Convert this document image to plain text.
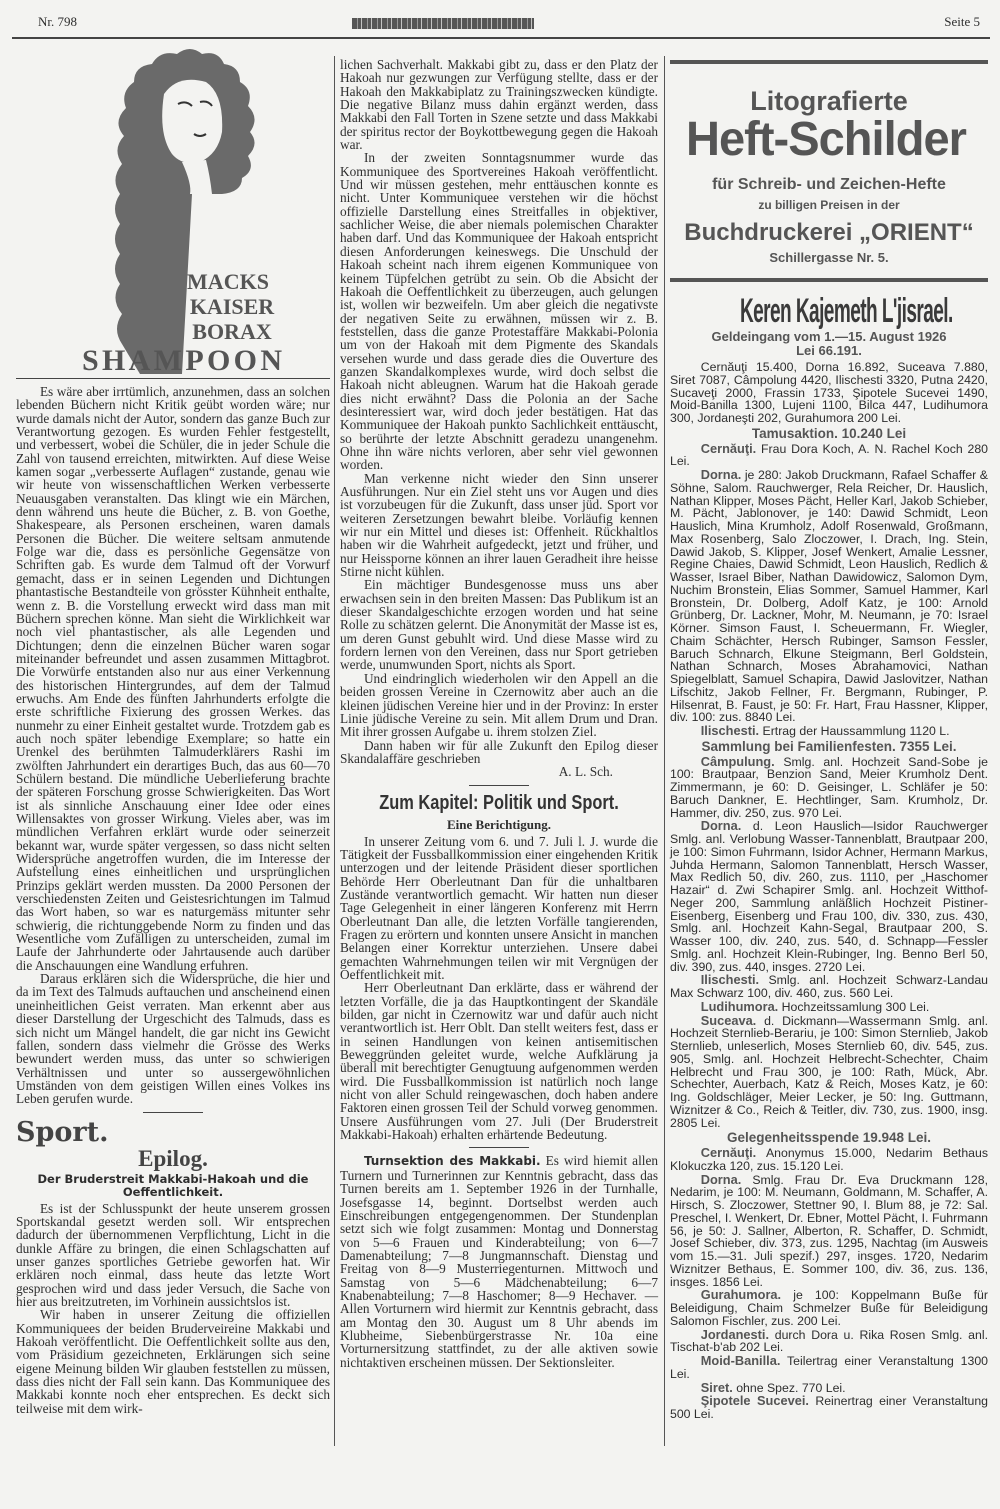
Nr. 798	Seite 5
MACKS
KAISER
BORAX
SHAMPOON

Es wäre aber irrtümlich, anzunehmen, dass an solchen lebenden Büchern nicht Kritik geübt worden wäre; nur wurde damals nicht der Autor, sondern das ganze Buch zur Verantwortung gezogen. Es wurden Fehler festgestellt, und verbessert, wobei die Schüler, die in jeder Schule die Zahl von tausend erreichten, mitwirkten. Auf diese Weise kamen sogar „verbesserte Auflagen“ zustande, genau wie wir heute von wissenschaftlichen Werken verbesserte Neuausgaben veranstalten. Das klingt wie ein Märchen, denn während uns heute die Bücher, z. B. von Goethe, Shakespeare, als Personen erscheinen, waren damals Personen die Bücher. Die weitere seltsam anmutende Folge war die, dass es persönliche Gegensätze von Schriften gab. Es wurde dem Talmud oft der Vorwurf gemacht, dass er in seinen Legenden und Dichtungen phantastische Bestandteile von grösster Kühnheit enthalte, wenn z. B. die Vorstellung erweckt wird dass man mit Büchern sprechen könne. Man sieht die Wirklichkeit war noch viel phantastischer, als alle Legenden und Dichtungen; denn die einzelnen Bücher waren sogar miteinander befreundet und assen zusammen Mittagbrot. Die Vorwürfe entstanden also nur aus einer Verkennung des historischen Hintergrundes, auf dem der Talmud erwuchs. Am Ende des fünften Jahrhunderts erfolgte die erste schriftliche Fixierung des grossen Werkes. das nunmehr zu einer Einheit gestaltet wurde. Trotzdem gab es auch noch später lebendige Exemplare; so hatte ein Urenkel des berühmten Talmuderklärers Rashi im zwölften Jahrhundert ein derartiges Buch, das aus 60—70 Schülern bestand. Die mündliche Ueberlieferung brachte der späteren Forschung grosse Schwierigkeiten. Das Wort ist als sinnliche Anschauung einer Idee oder eines Willensaktes von grosser Wirkung. Vieles aber, was im mündlichen Verfahren erklärt wurde oder seinerzeit bekannt war, wurde später vergessen, so dass nicht selten Widersprüche angetroffen wurden, die im Interesse der Aufstellung eines einheitlichen und ursprünglichen Prinzips geklärt werden mussten. Da 2000 Personen der verschiedensten Zeiten und Geistesrichtungen im Talmud das Wort haben, so war es naturgemäss mitunter sehr schwierig, die richtunggebende Norm zu finden und das Wesentliche vom Zufälligen zu unterscheiden, zumal im Laufe der Jahrhunderte oder Jahrtausende auch darüber die Anschauungen eine Wandlung erfuhren.

Daraus erklären sich die Widersprüche, die hier und da im Text des Talmuds auftauchen und anscheinend einen uneinheitlichen Geist verraten. Man erkennt aber aus dieser Darstellung der Urgeschicht des Talmuds, dass es sich nicht um Mängel handelt, die gar nicht ins Gewicht fallen, sondern dass vielmehr die Grösse des Werks bewundert werden muss, das unter so schwierigen Verhältnissen und unter so aussergewöhnlichen Umständen von dem geistigen Willen eines Volkes ins Leben gerufen wurde.

Sport.
Epilog.
Der Bruderstreit Makkabi-Hakoah und die Oeffentlichkeit.

Es ist der Schlusspunkt der heute unserem grossen Sportskandal gesetzt werden soll. Wir entsprechen dadurch der übernommenen Verpflichtung, Licht in die dunkle Affäre zu bringen, die einen Schlagschatten auf unser ganzes sportliches Getriebe geworfen hat. Wir erklären noch einmal, dass heute das letzte Wort gesprochen wird und dass jeder Versuch, die Sache von hier aus breitzutreten, im Vorhinein aussichtslos ist.

Wir haben in unserer Zeitung die offiziellen Kommuniquees der beiden Bruderveireine Makkabi und Hakoah veröffentlicht. Die Oeffentlichkeit sollte aus den, vom Präsidium gezeichneten, Erklärungen sich seine eigene Meinung bilden Wir glauben feststellen zu müssen, dass dies nicht der Fall sein kann. Das Kommuniquee des Makkabi konnte noch eher entsprechen. Es deckt sich teilweise mit dem wirk-

lichen Sachverhalt. Makkabi gibt zu, dass er den Platz der Hakoah nur gezwungen zur Verfügung stellte, dass er der Hakoah den Makkabiplatz zu Trainingszwecken kündigte. Die negative Bilanz muss dahin ergänzt werden, dass Makkabi den Fall Torten in Szene setzte und dass Makkabi der spiritus rector der Boykottbewegung gegen die Hakoah war.

In der zweiten Sonntagsnummer wurde das Kommuniquee des Sportvereines Hakoah veröffentlicht. Und wir müssen gestehen, mehr enttäuschen konnte es nicht. Unter Kommuniquee verstehen wir die höchst offizielle Darstellung eines Streitfalles in objektiver, sachlicher Weise, die aber niemals polemischen Charakter haben darf. Und das Kommuniquee der Hakoah entspricht diesen Anforderungen keineswegs. Die Unschuld der Hakoah scheint nach ihrem eigenen Kommuniquee von keinem Tüpfelchen getrübt zu sein. Ob die Absicht der Hakoah die Oeffentlichkeit zu überzeugen, auch gelungen ist, wollen wir bezweifeln. Um aber gleich die negativste der negativen Seite zu erwähnen, müssen wir z. B. feststellen, dass die ganze Protestaffäre Makkabi-Polonia um von der Hakoah mit dem Pigmente des Skandals versehen wurde und dass gerade dies die Ouverture des ganzen Skandalkomplexes wurde, wird doch selbst die Hakoah nicht ableugnen. Warum hat die Hakoah gerade dies nicht erwähnt? Dass die Polonia an der Sache desinteressiert war, wird doch jeder bestätigen. Hat das Kommuniquee der Hakoah punkto Sachlichkeit enttäuscht, so berührte der letzte Abschnitt geradezu unangenehm. Ohne ihn wäre nichts verloren, aber sehr viel gewonnen worden.

Man verkenne nicht wieder den Sinn unserer Ausführungen. Nur ein Ziel steht uns vor Augen und dies ist vorzubeugen für die Zukunft, dass unser jüd. Sport vor weiteren Zersetzungen bewahrt bleibe. Vorläufig kennen wir nur ein Mittel und dieses ist: Offenheit. Rückhaltlos haben wir die Wahrheit aufgedeckt, jetzt und früher, und nur Heissporne können an ihrer lauen Geradheit ihre heisse Stirne nicht kühlen.

Ein mächtiger Bundesgenosse muss uns aber erwachsen sein in den breiten Massen: Das Publikum ist an dieser Skandalgeschichte erzogen worden und hat seine Rolle zu schätzen gelernt. Die Anonymität der Masse ist es, um deren Gunst gebuhlt wird. Und diese Masse wird zu fordern lernen von den Vereinen, dass nur Sport getrieben werde, unumwunden Sport, nichts als Sport.

Und eindringlich wiederholen wir den Appell an die beiden grossen Vereine in Czernowitz aber auch an die kleinen jüdischen Vereine hier und in der Provinz: In erster Linie jüdische Vereine zu sein. Mit allem Drum und Dran. Mit ihrer grossen Aufgabe u. ihrem stolzen Ziel.

Dann haben wir für alle Zukunft den Epilog dieser Skandalaffäre geschrieben

A. L. Sch.
Zum Kapitel: Politik und Sport.
Eine Berichtigung.

In unserer Zeitung vom 6. und 7. Juli l. J. wurde die Tätigkeit der Fussballkommission einer eingehenden Kritik unterzogen und der leitende Präsident dieser sportlichen Behörde Herr Oberleutnant Dan für die unhaltbaren Zustände verantwortlich gemacht. Wir hatten nun dieser Tage Gelegenheit in einer längeren Konferenz mit Herrn Oberleutnant Dan alle, die letzten Vorfälle tangierenden, Fragen zu erörtern und konnten unsere Ansicht in manchen Belangen einer Korrektur unterziehen. Unsere dabei gemachten Wahrnehmungen teilen wir mit Vergnügen der Oeffentlichkeit mit.

Herr Oberleutnant Dan erklärte, dass er während der letzten Vorfälle, die ja das Hauptkontingent der Skandäle bilden, gar nicht in Czernowitz war und dafür auch nicht verantwortlich ist. Herr Oblt. Dan stellt weiters fest, dass er in seinen Handlungen von keinen antisemitischen Beweggründen geleitet wurde, welche Aufklärung ja überall mit berechtigter Genugtuung aufgenommen werden wird. Die Fussballkommission ist natürlich noch lange nicht von aller Schuld reingewaschen, doch haben andere Faktoren einen grossen Teil der Schuld vorweg genommen. Unsere Ausführungen vom 27. Juli (Der Bruderstreit Makkabi-Hakoah) erhalten erhärtende Bedeutung.

Turnsektion des Makkabi. Es wird hiemit allen Turnern und Turnerinnen zur Kenntnis gebracht, dass das Turnen bereits am 1. September 1926 in der Turnhalle, Josefsgasse 14, beginnt. Dortselbst werden auch Einschreibungen entgegengenommen. Der Stundenplan setzt sich wie folgt zusammen: Montag und Donnerstag von 5—6 Frauen und Kinderabteilung; von 6—7 Damenabteilung; 7—8 Jungmannschaft. Dienstag und Freitag von 8—9 Musterriegenturnen. Mittwoch und Samstag von 5—6 Mädchenabteilung; 6—7 Knabenabteilung; 7—8 Haschomer; 8—9 Hechaver. — Allen Vorturnern wird hiermit zur Kenntnis gebracht, dass am Montag den 30. August um 8 Uhr abends im Klubheime, Siebenbürgerstrasse Nr. 10a eine Vorturnersitzung stattfindet, zu der alle aktiven sowie nichtaktiven erscheinen müssen. Der Sektionsleiter.

Litografierte
Heft-Schilder
für Schreib- und Zeichen-Hefte
zu billigen Preisen in der
Buchdruckerei „ORIENT“
Schillergasse Nr. 5.
Keren Kajemeth L'jisrael.
Geldeingang vom 1.—15. August 1926
Lei 66.191.
Cernăuţi 15.400, Dorna 16.892, Suceava 7.880, Siret 7087, Câmpolung 4420, Ilischesti 3320, Putna 2420, Sucaveţi 2000, Frassin 1733, Şipotele Sucevei 1490, Moid-Banilla 1300, Lujeni 1100, Bilca 447, Ludihumora 300, Jordaneşti 202, Gurahumora 200 Lei.
Tamusaktion. 10.240 Lei
Cernăuţi. Frau Dora Koch, A. N. Rachel Koch 280 Lei.
Dorna. je 280: Jakob Druckmann, Rafael Schaffer & Söhne, Salom. Rauchwerger, Rela Reicher, Dr. Hauslich, Nathan Klipper, Moses Pächt, Heller Karl, Jakob Schieber, M. Pächt, Jablonover, je 140: Dawid Schmidt, Leon Hauslich, Mina Krumholz, Adolf Rosenwald, Großmann, Max Rosenberg, Salo Zloczower, I. Drach, Ing. Stein, Dawid Jakob, S. Klipper, Josef Wenkert, Amalie Lessner, Regine Chaies, Dawid Schmidt, Leon Hauslich, Redlich & Wasser, Israel Biber, Nathan Dawidowicz, Salomon Dym, Nuchim Bronstein, Elias Sommer, Samuel Hammer, Karl Bronstein, Dr. Dolberg, Adolf Katz, je 100: Arnold Grünberg, Dr. Lackner, Mohr, M. Neumann, je 70: Israel Körner. Simson Faust, I. Scheuermann, Fr. Wiegler, Chaim Schächter, Hersch Rubinger, Samson Fessler, Baruch Schnarch, Elkune Steigmann, Berl Goldstein, Nathan Schnarch, Moses Abrahamovici, Nathan Spiegelblatt, Samuel Schapira, Dawid Jaslovitzer, Nathan Lifschitz, Jakob Fellner, Fr. Bergmann, Rubinger, P. Hilsenrat, B. Faust, je 50: Fr. Hart, Frau Hassner, Klipper, div. 100: zus. 8840 Lei.
Ilischesti. Ertrag der Haussammlung 1120 L.
Sammlung bei Familienfesten. 7355 Lei.
Câmpulung. Smlg. anl. Hochzeit Sand-Sobe je 100: Brautpaar, Benzion Sand, Meier Krumholz Dent. Zimmermann, je 60: D. Geisinger, L. Schläfer je 50: Baruch Dankner, E. Hechtlinger, Sam. Krumholz, Dr. Hammer, div. 250, zus. 970 Lei.
Dorna. d. Leon Hauslich—Isidor Rauchwerger Smlg. anl. Verlobung Wasser-Tannenblatt, Brautpaar 200, je 100: Simon Fuhrmann, Isidor Achner, Hermann Markus, Juhda Hermann, Salomon Tannenblatt, Hersch Wasser, Max Redlich 50, div. 260, zus. 1110, per „Haschomer Hazair“ d. Zwi Schapirer Smlg. anl. Hochzeit Witthof-Neger 200, Sammlung anläßlich Hochzeit Pistiner-Eisenberg, Eisenberg und Frau 100, div. 330, zus. 430, Smlg. anl. Hochzeit Kahn-Segal, Brautpaar 200, S. Wasser 100, div. 240, zus. 540, d. Schnapp—Fessler Smlg. anl. Hochzeit Klein-Rubinger, Ing. Benno Berl 50, div. 390, zus. 440, insges. 2720 Lei.
Ilischesti. Smlg. anl. Hochzeit Schwarz-Landau Max Schwarz 100, div. 460, zus. 560 Lei.
Ludihumora. Hochzeitssamlung 300 Lei.
Suceava. d. Dickmann—Wassermann Smlg. anl. Hochzeit Sternlieb-Berariu, je 100: Simon Sternlieb, Jakob Sternlieb, unleserlich, Moses Sternlieb 60, div. 545, zus. 905, Smlg. anl. Hochzeit Helbrecht-Schechter, Chaim Helbrecht und Frau 300, je 100: Rath, Mück, Abr. Schechter, Auerbach, Katz & Reich, Moses Katz, je 60: Ing. Goldschläger, Meier Lecker, je 50: Ing. Guttmann, Wiznitzer & Co., Reich & Teitler, div. 730, zus. 1900, insg. 2805 Lei.
Gelegenheitsspende 19.948 Lei.
Cernăuţi. Anonymus 15.000, Nedarim Bethaus Klokuczka 120, zus. 15.120 Lei.
Dorna. Smlg. Frau Dr. Eva Druckmann 128, Nedarim, je 100: M. Neumann, Goldmann, M. Schaffer, A. Hirsch, S. Zloczower, Stettner 90, I. Blum 88, je 72: Sal. Preschel, I. Wenkert, Dr. Ebner, Mottel Pächt, I. Fuhrmann 56, je 50: J. Sallner, Alberton, R. Schaffer, D. Schmidt, Josef Schieber, div. 373, zus. 1295, Nachtag (im Ausweis vom 15.—31. Juli spezif.) 297, insges. 1720, Nedarim Wiznitzer Bethaus, E. Sommer 100, div. 36, zus. 136, insges. 1856 Lei.
Gurahumora. je 100: Koppelmann Buße für Beleidigung, Chaim Schmelzer Buße für Beleidigung Salomon Fischler, zus. 200 Lei.
Jordanesti. durch Dora u. Rika Rosen Smlg. anl. Tischat-b'ab 202 Lei.
Moid-Banilla. Teilertrag einer Veranstaltung 1300 Lei.
Siret. ohne Spez. 770 Lei.
Şipotele Sucevei. Reinertrag einer Veranstaltung 500 Lei.
